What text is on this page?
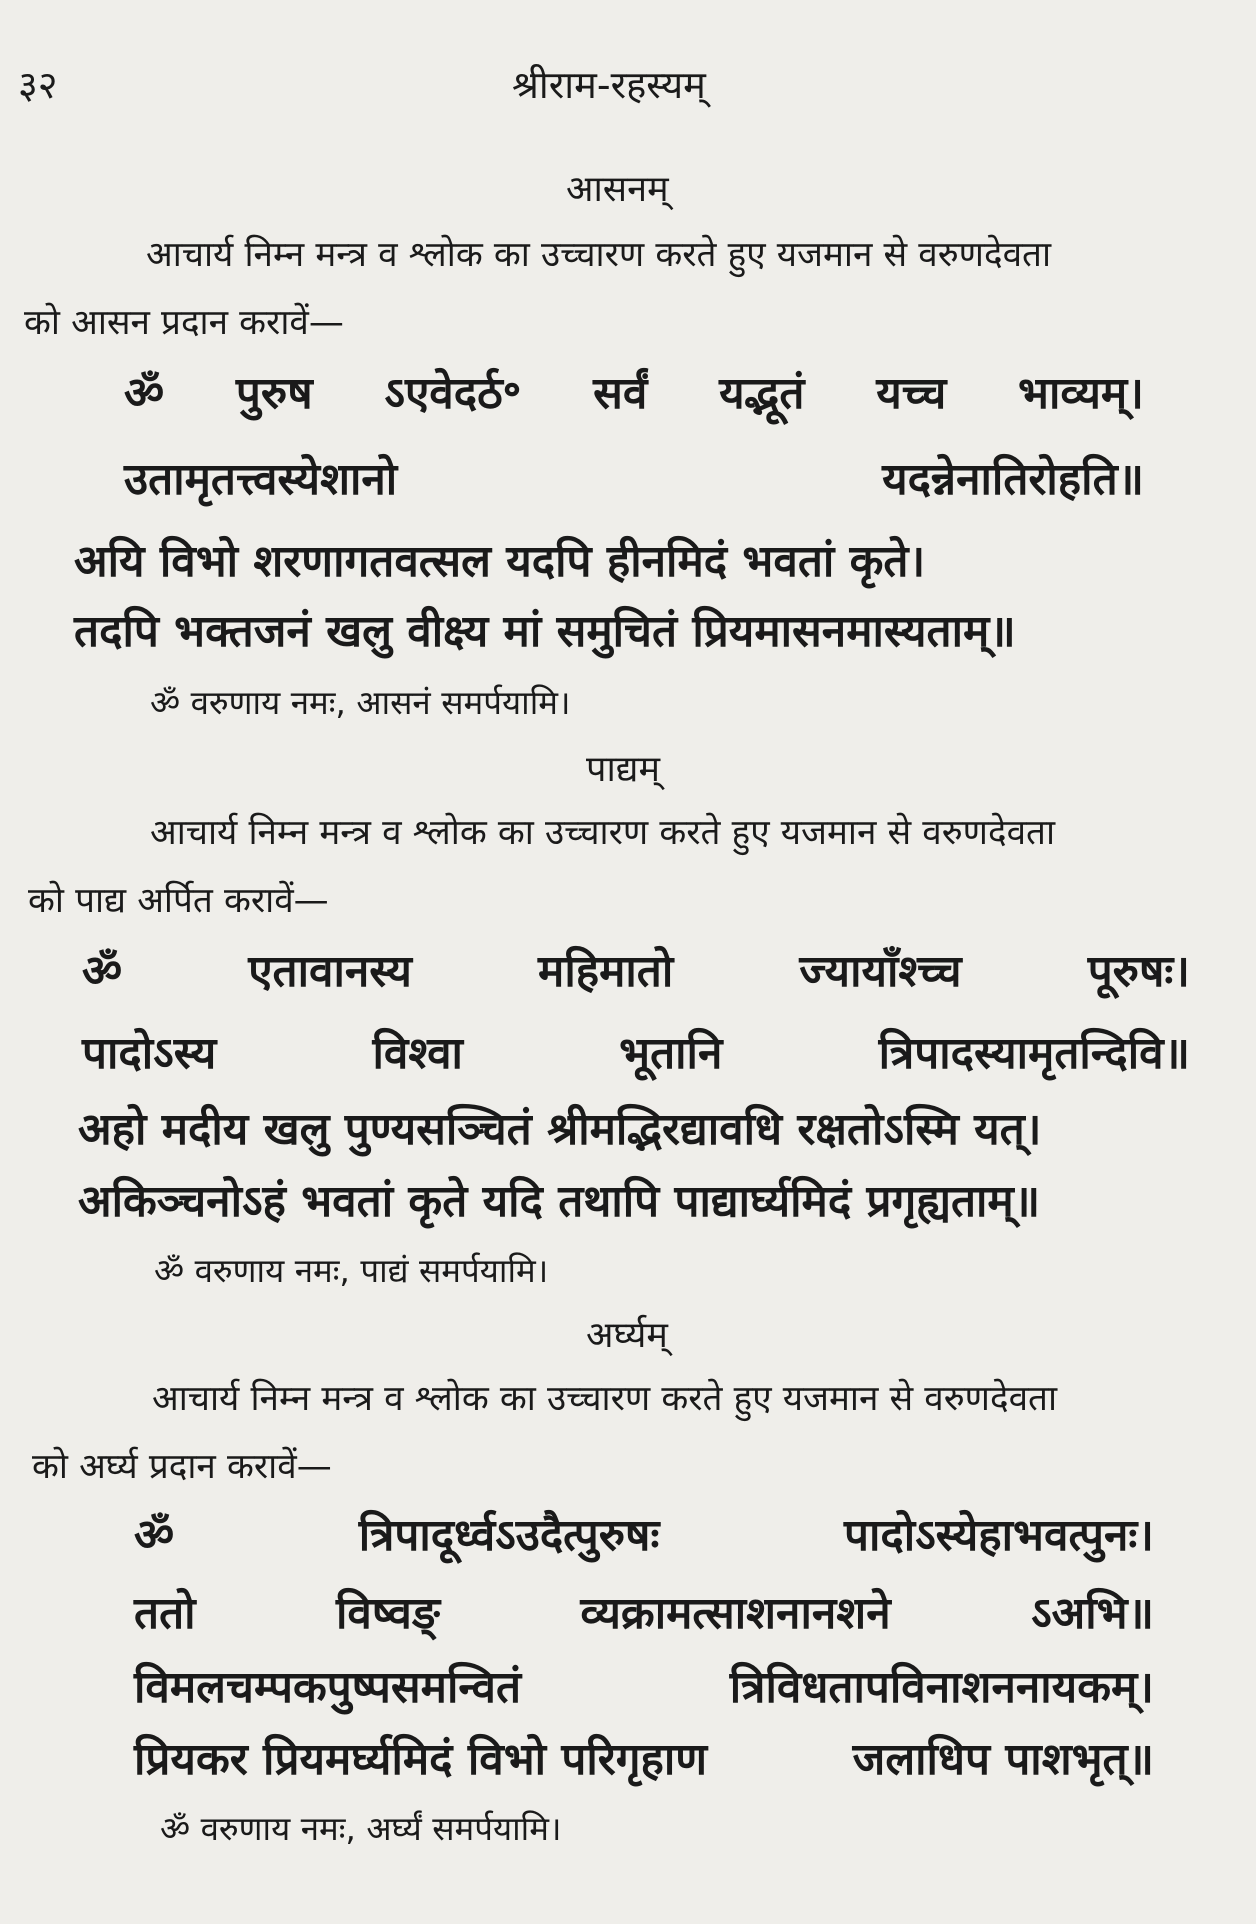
३२	श्रीराम-रहस्यम्
आसनम्
आचार्य निम्न मन्त्र व श्लोक का उच्चारण करते हुए यजमान से वरुणदेवता
को आसन प्रदान करावें—
ॐ पुरुष ऽएवेदर्ठ॰ सर्वं यद्भूतं यच्च भाव्यम्।
उतामृतत्त्वस्येशानो	यदन्नेनातिरोहति॥
अयि विभो शरणागतवत्सल यदपि हीनमिदं भवतां कृते।
तदपि भक्तजनं खलु वीक्ष्य मां समुचितं प्रियमासनमास्यताम्॥
ॐ वरुणाय नमः, आसनं समर्पयामि।
पाद्यम्
आचार्य निम्न मन्त्र व श्लोक का उच्चारण करते हुए यजमान से वरुणदेवता
को पाद्य अर्पित करावें—
ॐ	एतावानस्य	महिमातो	ज्यायाँश्च्च	पूरुषः।
पादोऽस्य	विश्वा	भूतानि	त्रिपादस्यामृतन्दिवि॥
अहो मदीय खलु पुण्यसञ्चितं श्रीमद्भिरद्यावधि रक्षतोऽस्मि यत्।
अकिञ्चनोऽहं भवतां कृते यदि तथापि पाद्यार्घ्यमिदं प्रगृह्यताम्॥
ॐ वरुणाय नमः, पाद्यं समर्पयामि।
अर्घ्यम्
आचार्य निम्न मन्त्र व श्लोक का उच्चारण करते हुए यजमान से वरुणदेवता
को अर्घ्य प्रदान करावें—
ॐ	त्रिपादूर्ध्वऽउदैत्पुरुषः	पादोऽस्येहाभवत्पुनः।
ततो	विष्वङ्	व्यक्रामत्साशनानशने	ऽअभि॥
विमलचम्पकपुष्पसमन्वितं	त्रिविधतापविनाशननायकम्।
प्रियकर प्रियमर्घ्यमिदं विभो परिगृहाण	जलाधिप पाशभृत्॥
ॐ वरुणाय नमः, अर्घ्यं समर्पयामि।
